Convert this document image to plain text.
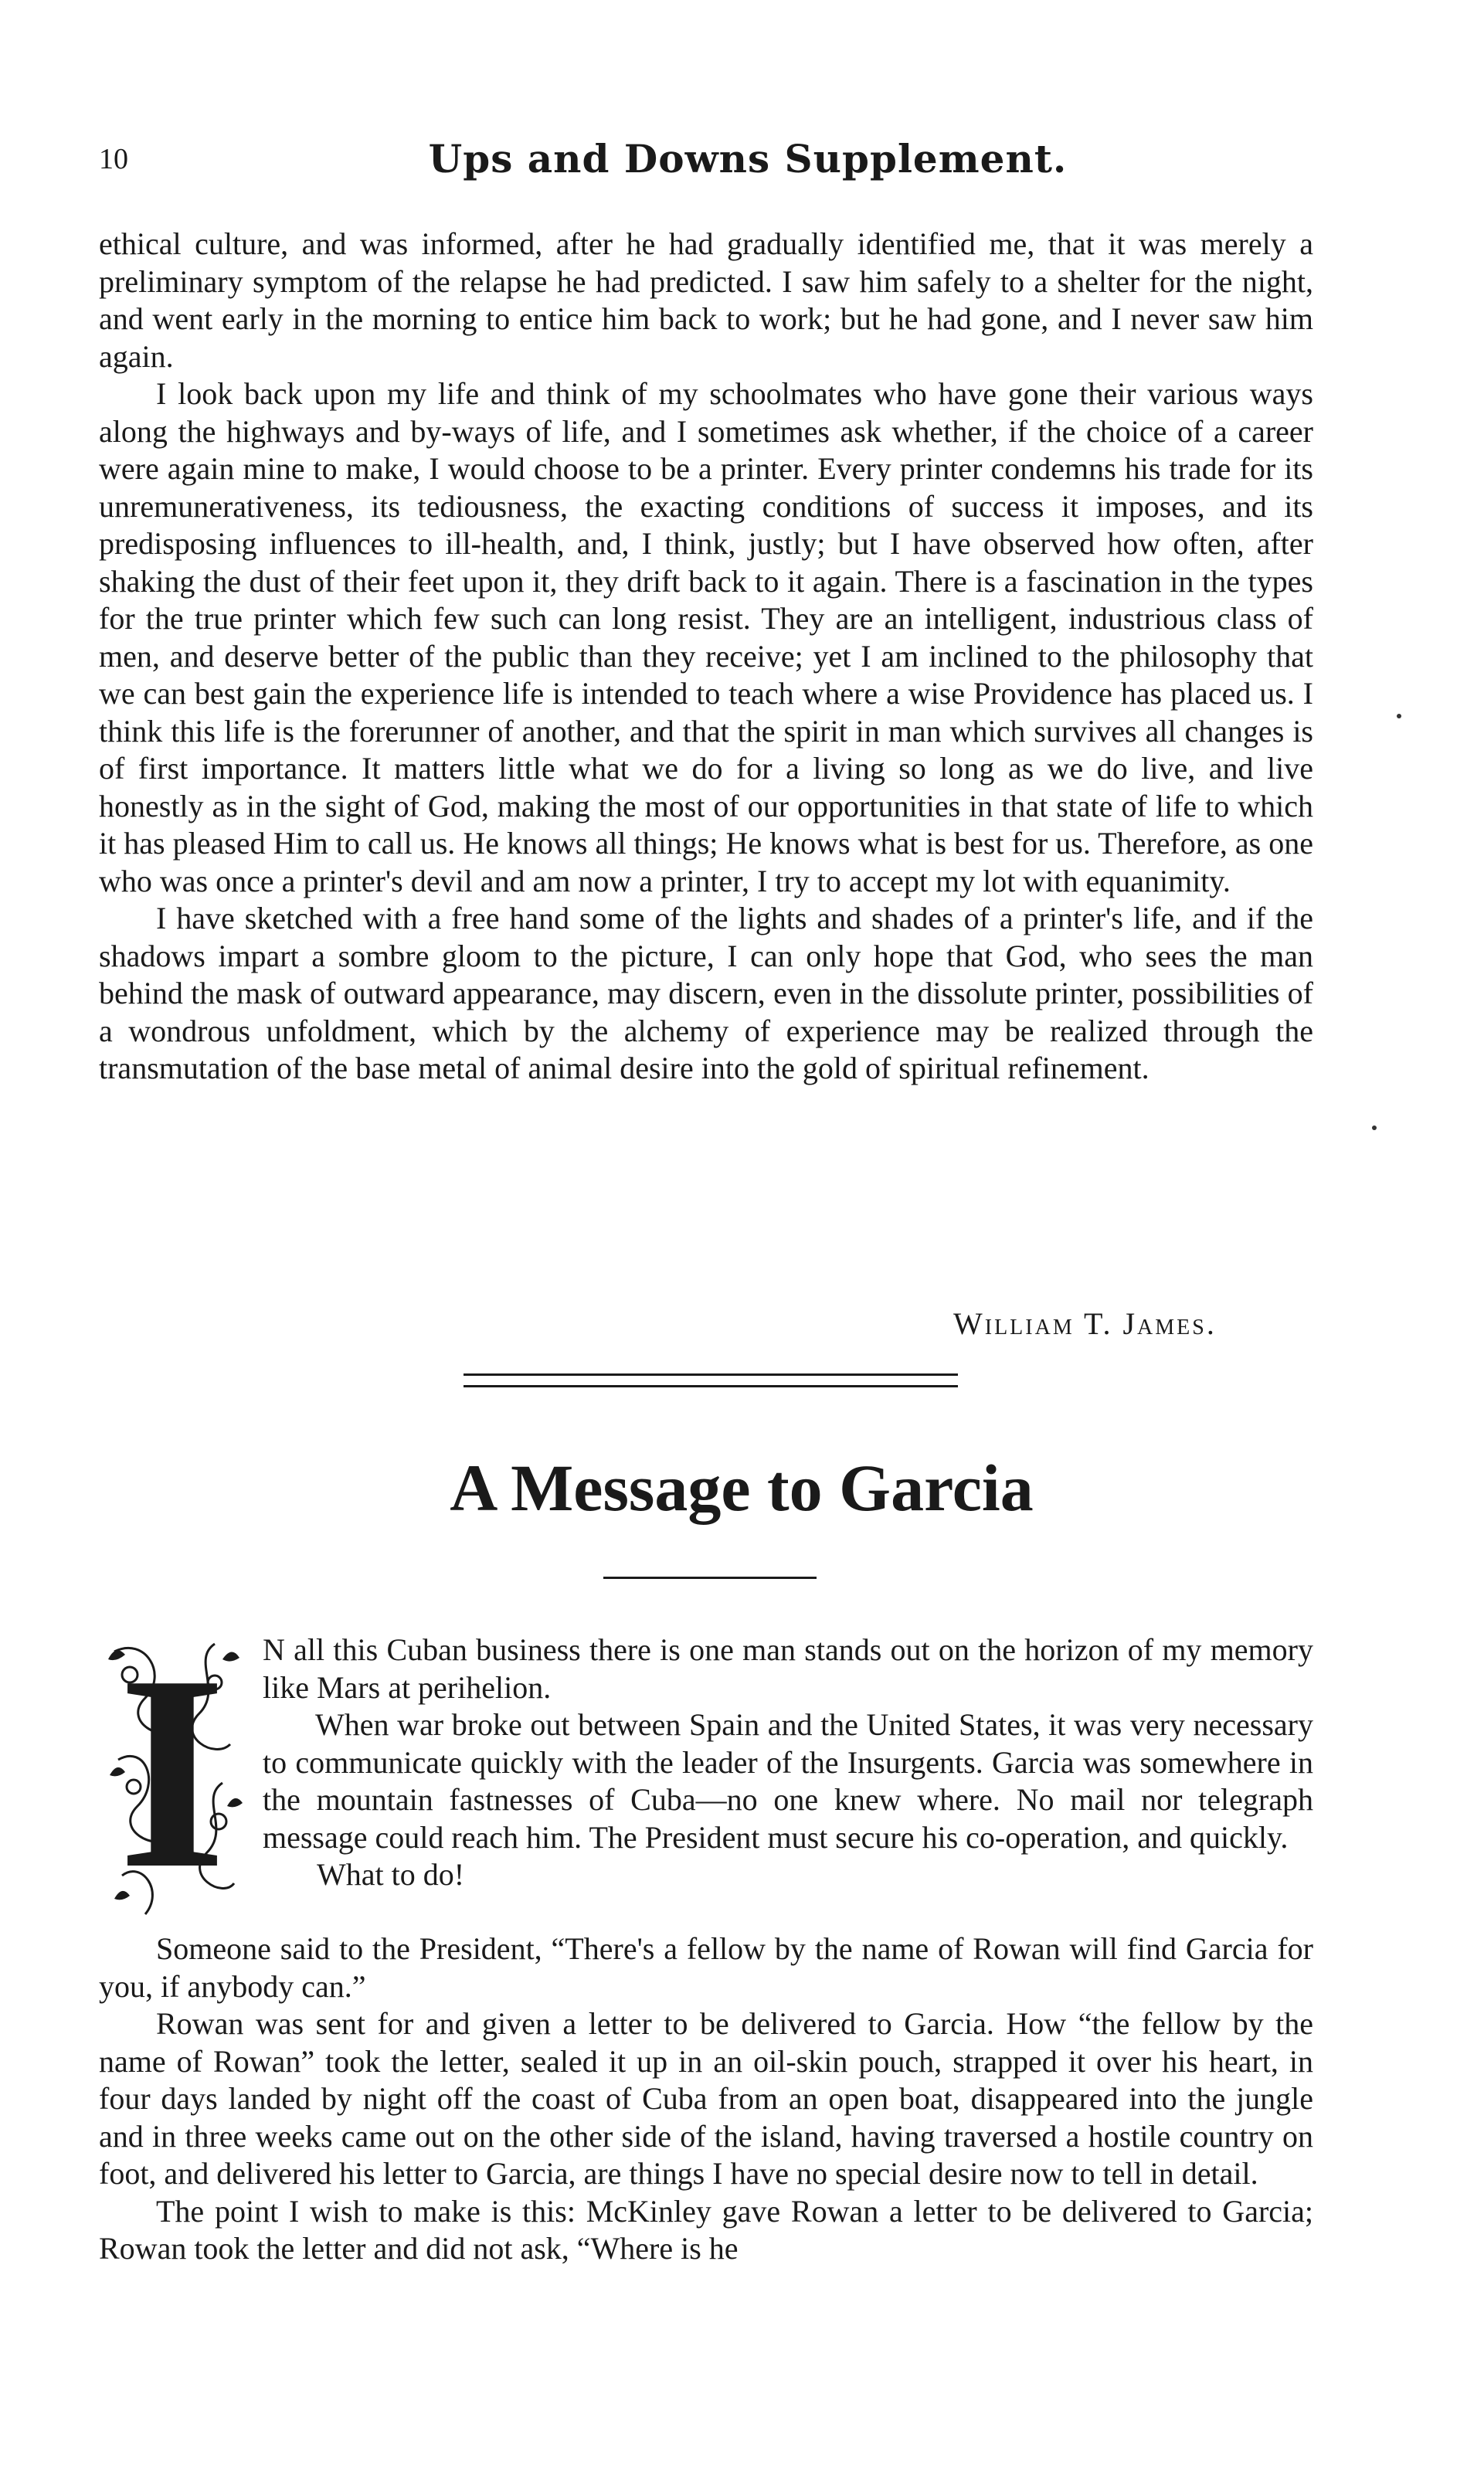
10	Ups and Downs Supplement.

ethical culture, and was informed, after he had gradually identified me, that it was merely a preliminary symptom of the relapse he had predicted. I saw him safely to a shelter for the night, and went early in the morning to entice him back to work; but he had gone, and I never saw him again.

I look back upon my life and think of my schoolmates who have gone their various ways along the highways and by-ways of life, and I sometimes ask whether, if the choice of a career were again mine to make, I would choose to be a printer. Every printer condemns his trade for its unremunerativeness, its tediousness, the exacting conditions of success it imposes, and its predisposing influences to ill-health, and, I think, justly; but I have observed how often, after shaking the dust of their feet upon it, they drift back to it again. There is a fascination in the types for the true printer which few such can long resist. They are an intelligent, industrious class of men, and deserve better of the public than they receive; yet I am inclined to the philosophy that we can best gain the experience life is intended to teach where a wise Providence has placed us. I think this life is the forerunner of another, and that the spirit in man which survives all changes is of first importance. It matters little what we do for a living so long as we do live, and live honestly as in the sight of God, making the most of our opportunities in that state of life to which it has pleased Him to call us. He knows all things; He knows what is best for us. Therefore, as one who was once a printer's devil and am now a printer, I try to accept my lot with equanimity.

I have sketched with a free hand some of the lights and shades of a printer's life, and if the shadows impart a sombre gloom to the picture, I can only hope that God, who sees the man behind the mask of outward appearance, may discern, even in the dissolute printer, possibilities of a wondrous unfoldment, which by the alchemy of experience may be realized through the transmutation of the base metal of animal desire into the gold of spiritual refinement.

William T. James.
A Message to Garcia
I N all this Cuban business there is one man stands out on the horizon of my memory like Mars at perihelion.

When war broke out between Spain and the United States, it was very necessary to communicate quickly with the leader of the Insurgents. Garcia was somewhere in the mountain fastnesses of Cuba—no one knew where. No mail nor telegraph message could reach him. The President must secure his co-operation, and quickly.

What to do!

Someone said to the President, “There's a fellow by the name of Rowan will find Garcia for you, if anybody can.”

Rowan was sent for and given a letter to be delivered to Garcia. How “the fellow by the name of Rowan” took the letter, sealed it up in an oil-skin pouch, strapped it over his heart, in four days landed by night off the coast of Cuba from an open boat, disappeared into the jungle and in three weeks came out on the other side of the island, having traversed a hostile country on foot, and delivered his letter to Garcia, are things I have no special desire now to tell in detail.

The point I wish to make is this: McKinley gave Rowan a letter to be delivered to Garcia; Rowan took the letter and did not ask, “Where is he
